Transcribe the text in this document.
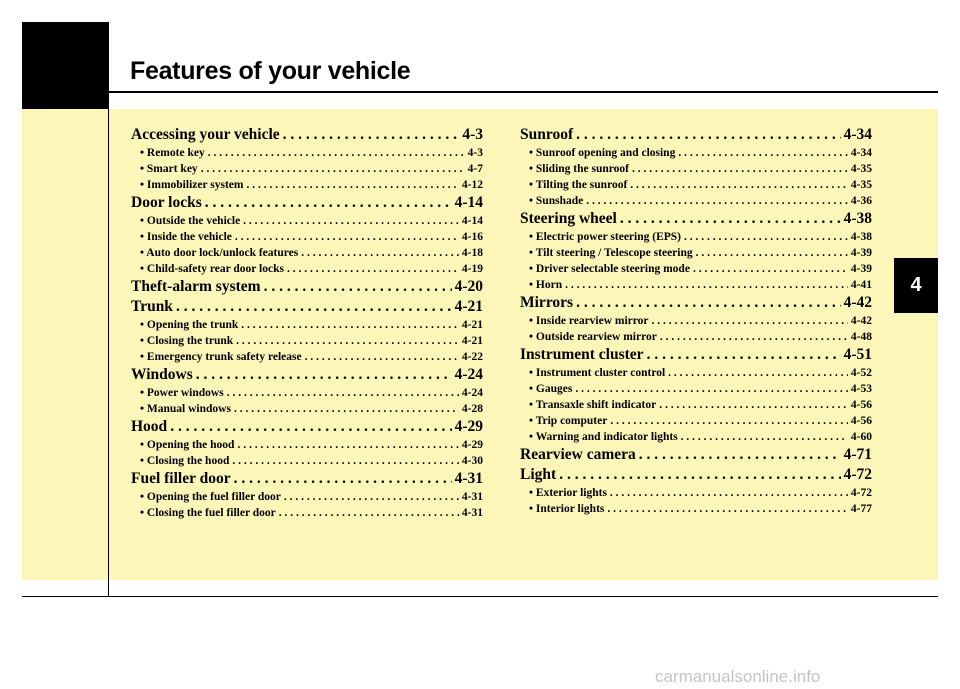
Features of your vehicle
4
Accessing your vehicle . . .	4-3
• Remote key . . .	4-3
• Smart key . . .	4-7
• Immobilizer system . . .	4-12
Door locks . . .	4-14
• Outside the vehicle . . .	4-14
• Inside the vehicle . . .	4-16
• Auto door lock/unlock features . . .	4-18
• Child-safety rear door locks . . .	4-19
Theft-alarm system . . .	4-20
Trunk . . .	4-21
• Opening the trunk . . .	4-21
• Closing the trunk . . .	4-21
• Emergency trunk safety release . . .	4-22
Windows . . .	4-24
• Power windows . . .	4-24
• Manual windows . . .	4-28
Hood . . .	4-29
• Opening the hood . . .	4-29
• Closing the hood . . .	4-30
Fuel filler door . . .	4-31
• Opening the fuel filler door . . .	4-31
• Closing the fuel filler door . . .	4-31
Sunroof . . .	4-34
• Sunroof opening and closing . . .	4-34
• Sliding the sunroof . . .	4-35
• Tilting the sunroof . . .	4-35
• Sunshade . . .	4-36
Steering wheel . . .	4-38
• Electric power steering (EPS) . . .	4-38
• Tilt steering / Telescope steering . . .	4-39
• Driver selectable steering mode . . .	4-39
• Horn . . .	4-41
Mirrors . . .	4-42
• Inside rearview mirror . . .	4-42
• Outside rearview mirror . . .	4-48
Instrument cluster . . .	4-51
• Instrument cluster control . . .	4-52
• Gauges . . .	4-53
• Transaxle shift indicator . . .	4-56
• Trip computer . . .	4-56
• Warning and indicator lights . . .	4-60
Rearview camera . . .	4-71
Light . . .	4-72
• Exterior lights . . .	4-72
• Interior lights . . .	4-77
carmanualsonline.info
